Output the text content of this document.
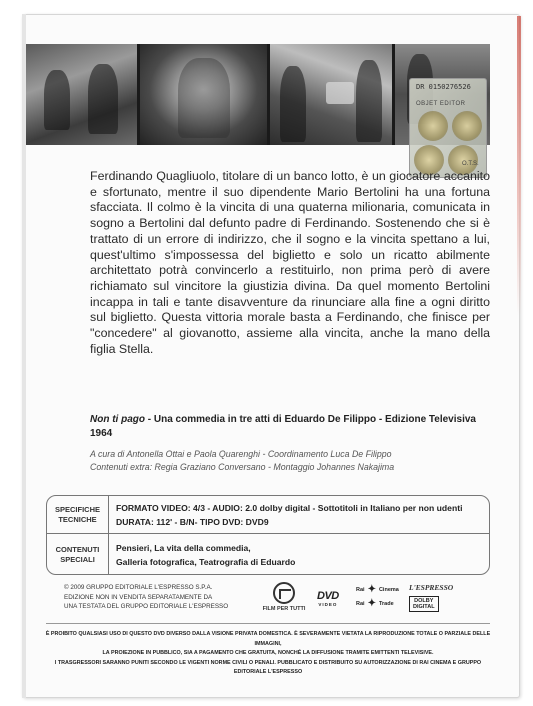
DR 0150276526
OBJET EDITOR
O.T.S.
Ferdinando Quagliuolo, titolare di un banco lotto, è un giocatore accanito e sfortunato, mentre il suo dipendente Mario Bertolini ha una fortuna sfacciata. Il colmo è la vincita di una quaterna milionaria, comunicata in sogno a Bertolini dal defunto padre di Ferdinando. Sostenendo che si è trattato di un errore di indirizzo, che il sogno e la vincita spettano a lui, quest'ultimo s'impossessa del biglietto e solo un ricatto abilmente architettato potrà convincerlo a restituirlo, non prima però di avere richiamato sul vincitore la giustizia divina. Da quel momento Bertolini incappa in tali e tante disavventure da rinunciare alla fine a ogni diritto sul biglietto. Questa vittoria morale basta a Ferdinando, che finisce per "concedere" al giovanotto, assieme alla vincita, anche la mano della figlia Stella.
Non ti pago - Una commedia in tre atti di Eduardo De Filippo - Edizione Televisiva 1964
A cura di Antonella Ottai e Paola Quarenghi - Coordinamento Luca De Filippo
Contenuti extra: Regia Graziano Conversano - Montaggio Johannes Nakajima
SPECIFICHE
TECNICHE
FORMATO VIDEO: 4/3 - AUDIO: 2.0 dolby digital - Sottotitoli in Italiano per non udenti
DURATA: 112' - B/N- TIPO DVD: DVD9
CONTENUTI
SPECIALI
Pensieri, La vita della commedia,
Galleria fotografica, Teatrografia di Eduardo
© 2009 GRUPPO EDITORIALE L'ESPRESSO S.P.A.
EDIZIONE NON IN VENDITA SEPARATAMENTE DA
UNA TESTATA DEL GRUPPO EDITORIALE L'ESPRESSO	FILM PER TUTTI
DVD
VIDEO
Rai ✦ Cinema
Rai ✦ Trade
L'ESPRESSO
DOLBY
DIGITAL
È PROIBITO QUALSIASI USO DI QUESTO DVD DIVERSO DALLA VISIONE PRIVATA DOMESTICA. È SEVERAMENTE VIETATA LA RIPRODUZIONE TOTALE O PARZIALE DELLE IMMAGINI,
LA PROIEZIONE IN PUBBLICO, SIA A PAGAMENTO CHE GRATUITA, NONCHÉ LA DIFFUSIONE TRAMITE EMITTENTI TELEVISIVE.
I TRASGRESSORI SARANNO PUNITI SECONDO LE VIGENTI NORME CIVILI O PENALI. PUBBLICATO E DISTRIBUITO SU AUTORIZZAZIONE DI RAI CINEMA E GRUPPO EDITORIALE L'ESPRESSO
